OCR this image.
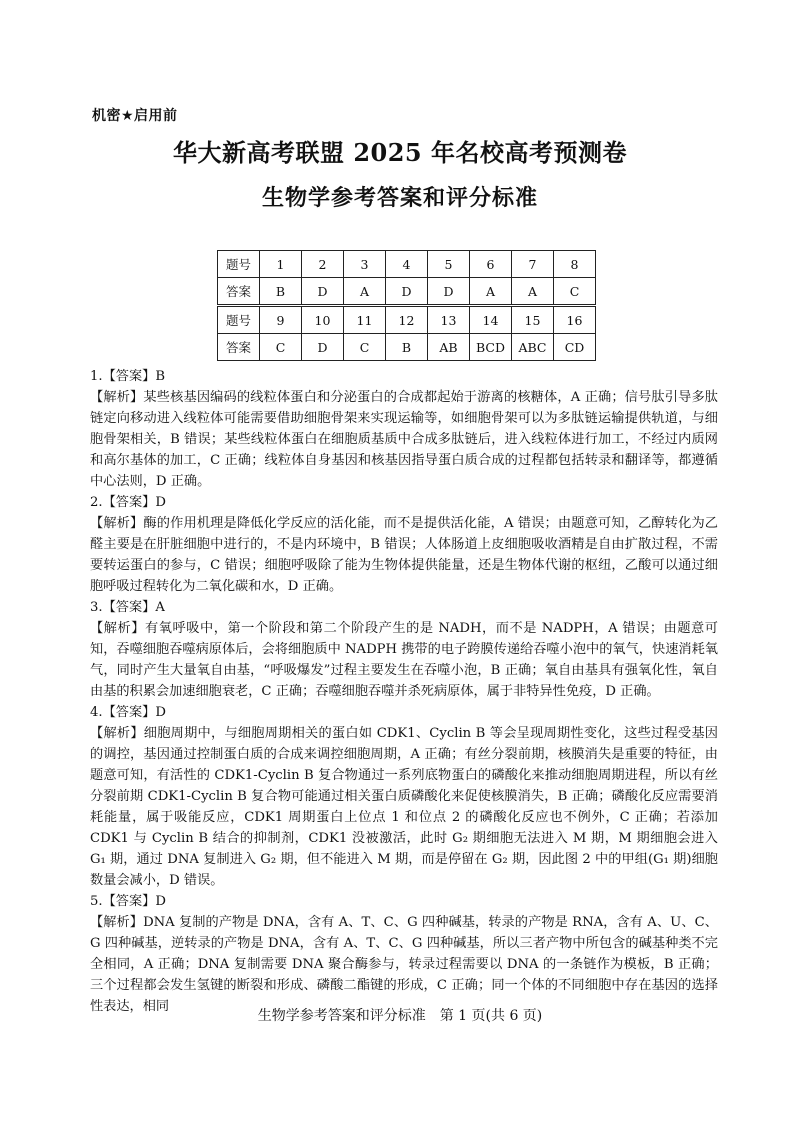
机密★启用前
华大新高考联盟 2025 年名校高考预测卷
生物学参考答案和评分标准
题号	1	2	3	4	5	6	7	8
答案	B	D	A	D	D	A	A	C
题号	9	10	11	12	13	14	15	16
答案	C	D	C	B	AB	BCD	ABC	CD

1.【答案】B

【解析】某些核基因编码的线粒体蛋白和分泌蛋白的合成都起始于游离的核糖体，A 正确；信号肽引导多肽链定向移动进入线粒体可能需要借助细胞骨架来实现运输等，如细胞骨架可以为多肽链运输提供轨道，与细胞骨架相关，B 错误；某些线粒体蛋白在细胞质基质中合成多肽链后，进入线粒体进行加工，不经过内质网和高尔基体的加工，C 正确；线粒体自身基因和核基因指导蛋白质合成的过程都包括转录和翻译等，都遵循中心法则，D 正确。

2.【答案】D

【解析】酶的作用机理是降低化学反应的活化能，而不是提供活化能，A 错误；由题意可知，乙醇转化为乙醛主要是在肝脏细胞中进行的，不是内环境中，B 错误；人体肠道上皮细胞吸收酒精是自由扩散过程，不需要转运蛋白的参与，C 错误；细胞呼吸除了能为生物体提供能量，还是生物体代谢的枢纽，乙酸可以通过细胞呼吸过程转化为二氧化碳和水，D 正确。

3.【答案】A

【解析】有氧呼吸中，第一个阶段和第二个阶段产生的是 NADH，而不是 NADPH，A 错误；由题意可知，吞噬细胞吞噬病原体后，会将细胞质中 NADPH 携带的电子跨膜传递给吞噬小泡中的氧气，快速消耗氧气，同时产生大量氧自由基，“呼吸爆发”过程主要发生在吞噬小泡，B 正确；氧自由基具有强氧化性，氧自由基的积累会加速细胞衰老，C 正确；吞噬细胞吞噬并杀死病原体，属于非特异性免疫，D 正确。

4.【答案】D

【解析】细胞周期中，与细胞周期相关的蛋白如 CDK1、Cyclin B 等会呈现周期性变化，这些过程受基因的调控，基因通过控制蛋白质的合成来调控细胞周期，A 正确；有丝分裂前期，核膜消失是重要的特征，由题意可知，有活性的 CDK1-Cyclin B 复合物通过一系列底物蛋白的磷酸化来推动细胞周期进程，所以有丝分裂前期 CDK1-Cyclin B 复合物可能通过相关蛋白质磷酸化来促使核膜消失，B 正确；磷酸化反应需要消耗能量，属于吸能反应，CDK1 周期蛋白上位点 1 和位点 2 的磷酸化反应也不例外，C 正确；若添加 CDK1 与 Cyclin B 结合的抑制剂，CDK1 没被激活，此时 G₂ 期细胞无法进入 M 期，M 期细胞会进入 G₁ 期，通过 DNA 复制进入 G₂ 期，但不能进入 M 期，而是停留在 G₂ 期，因此图 2 中的甲组(G₁ 期)细胞数量会减小，D 错误。

5.【答案】D

【解析】DNA 复制的产物是 DNA，含有 A、T、C、G 四种碱基，转录的产物是 RNA，含有 A、U、C、G 四种碱基，逆转录的产物是 DNA，含有 A、T、C、G 四种碱基，所以三者产物中所包含的碱基种类不完全相同，A 正确；DNA 复制需要 DNA 聚合酶参与，转录过程需要以 DNA 的一条链作为模板，B 正确；三个过程都会发生氢键的断裂和形成、磷酸二酯键的形成，C 正确；同一个体的不同细胞中存在基因的选择性表达，相同

生物学参考答案和评分标准　第 1 页(共 6 页)
